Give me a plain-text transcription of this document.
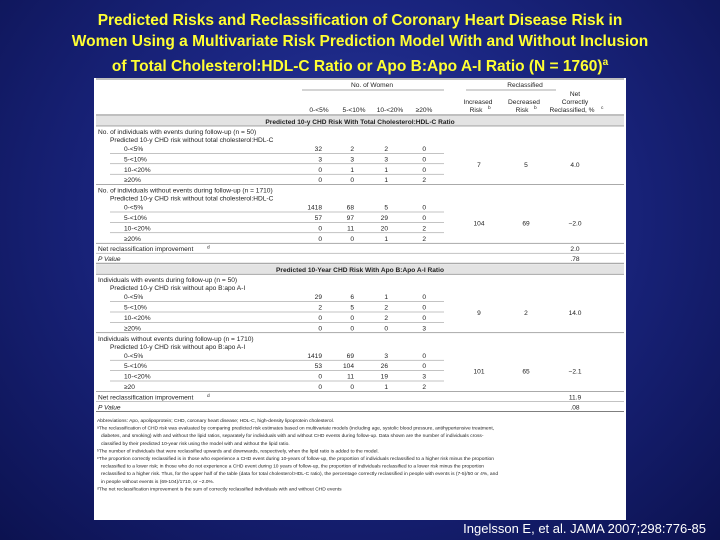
Predicted Risks and Reclassification of Coronary Heart Disease Risk in
Women Using a Multivariate Risk Prediction Model With and Without Inclusion
of Total Cholesterol:HDL-C Ratio or Apo B:Apo A-I Ratio (N = 1760)$^a$
No. of Women	Reclassified
Net
Correctly
Reclassified, % c
0-<5% 5-<10% 10-<20% ≥20%
Increased
Risk b
Decreased
Risk b
Predicted 10-y CHD Risk With Total Cholesterol:HDL-C Ratio
No. of individuals with events during follow-up (n = 50)
Predicted 10-y CHD risk without total cholesterol:HDL-C
0-<5%	32	2	2	0
5-<10%	3	3	3	0
10-<20%	0	1	1	0
≥20%	0	0	1	2
7	5	4.0
No. of individuals without events during follow-up (n = 1710)
Predicted 10-y CHD risk without total cholesterol:HDL-C
0-<5%	1418	68	5	0
5-<10%	57	97	29	0
10-<20%	0	11	20	2
≥20%	0	0	1	2
104	69	−2.0
Net reclassification improvement	d	2.0
P Value	.78
Predicted 10-Year CHD Risk With Apo B:Apo A-I Ratio
Individuals with events during follow-up (n = 50)
Predicted 10-y CHD risk without apo B:apo A-I
0-<5%	29	6	1	0
5-<10%	2	5	2	0
10-<20%	0	0	2	0
≥20%	0	0	0	3
9	2	14.0
Individuals without events during follow-up (n = 1710)
Predicted 10-y CHD risk without apo B:apo A-I
0-<5%	1419	69	3	0
5-<10%	53	104	26	0
10-<20%	0	11	19	3
≥20	0	0	1	2
101	65	−2.1
Net reclassification improvement	d	11.9
P Value	.08
Abbreviations: Apo, apolipoprotein; CHD, coronary heart disease; HDL-C, high-density lipoprotein cholesterol.
ᵃThe reclassification of CHD risk was evaluated by comparing predicted risk estimates based on multivariate models (including age, systolic blood pressure, antihypertensive treatment,
diabetes, and smoking) with and without the lipid ratios, separately for individuals with and without CHD events during follow-up. Data shown are the number of individuals cross-
classified by their predicted 10-year risk using the model with and without the lipid ratio.
ᵇThe number of individuals that were reclassified upwards and downwards, respectively, when the lipid ratio is added to the model.
ᶜThe proportion correctly reclassified is in those who experience a CHD event during 10-years of follow-up, the proportion of individuals reclassified to a higher risk minus the proportion
reclassified to a lower risk; in those who do not experience a CHD event during 10 years of follow-up, the proportion of individuals reclassified to a lower risk minus the proportion
reclassified to a higher risk. Thus, for the upper half of the table (data for total cholesterol:HDL-C ratio), the percentage correctly reclassified in people with events is (7-5)/50 or 4%, and
in people without events is (69-104)/1710, or −2.0%.
ᵈThe net reclassification improvement is the sum of correctly reclassified individuals with and without CHD events
Ingelsson E, et al. JAMA 2007;298:776-85
